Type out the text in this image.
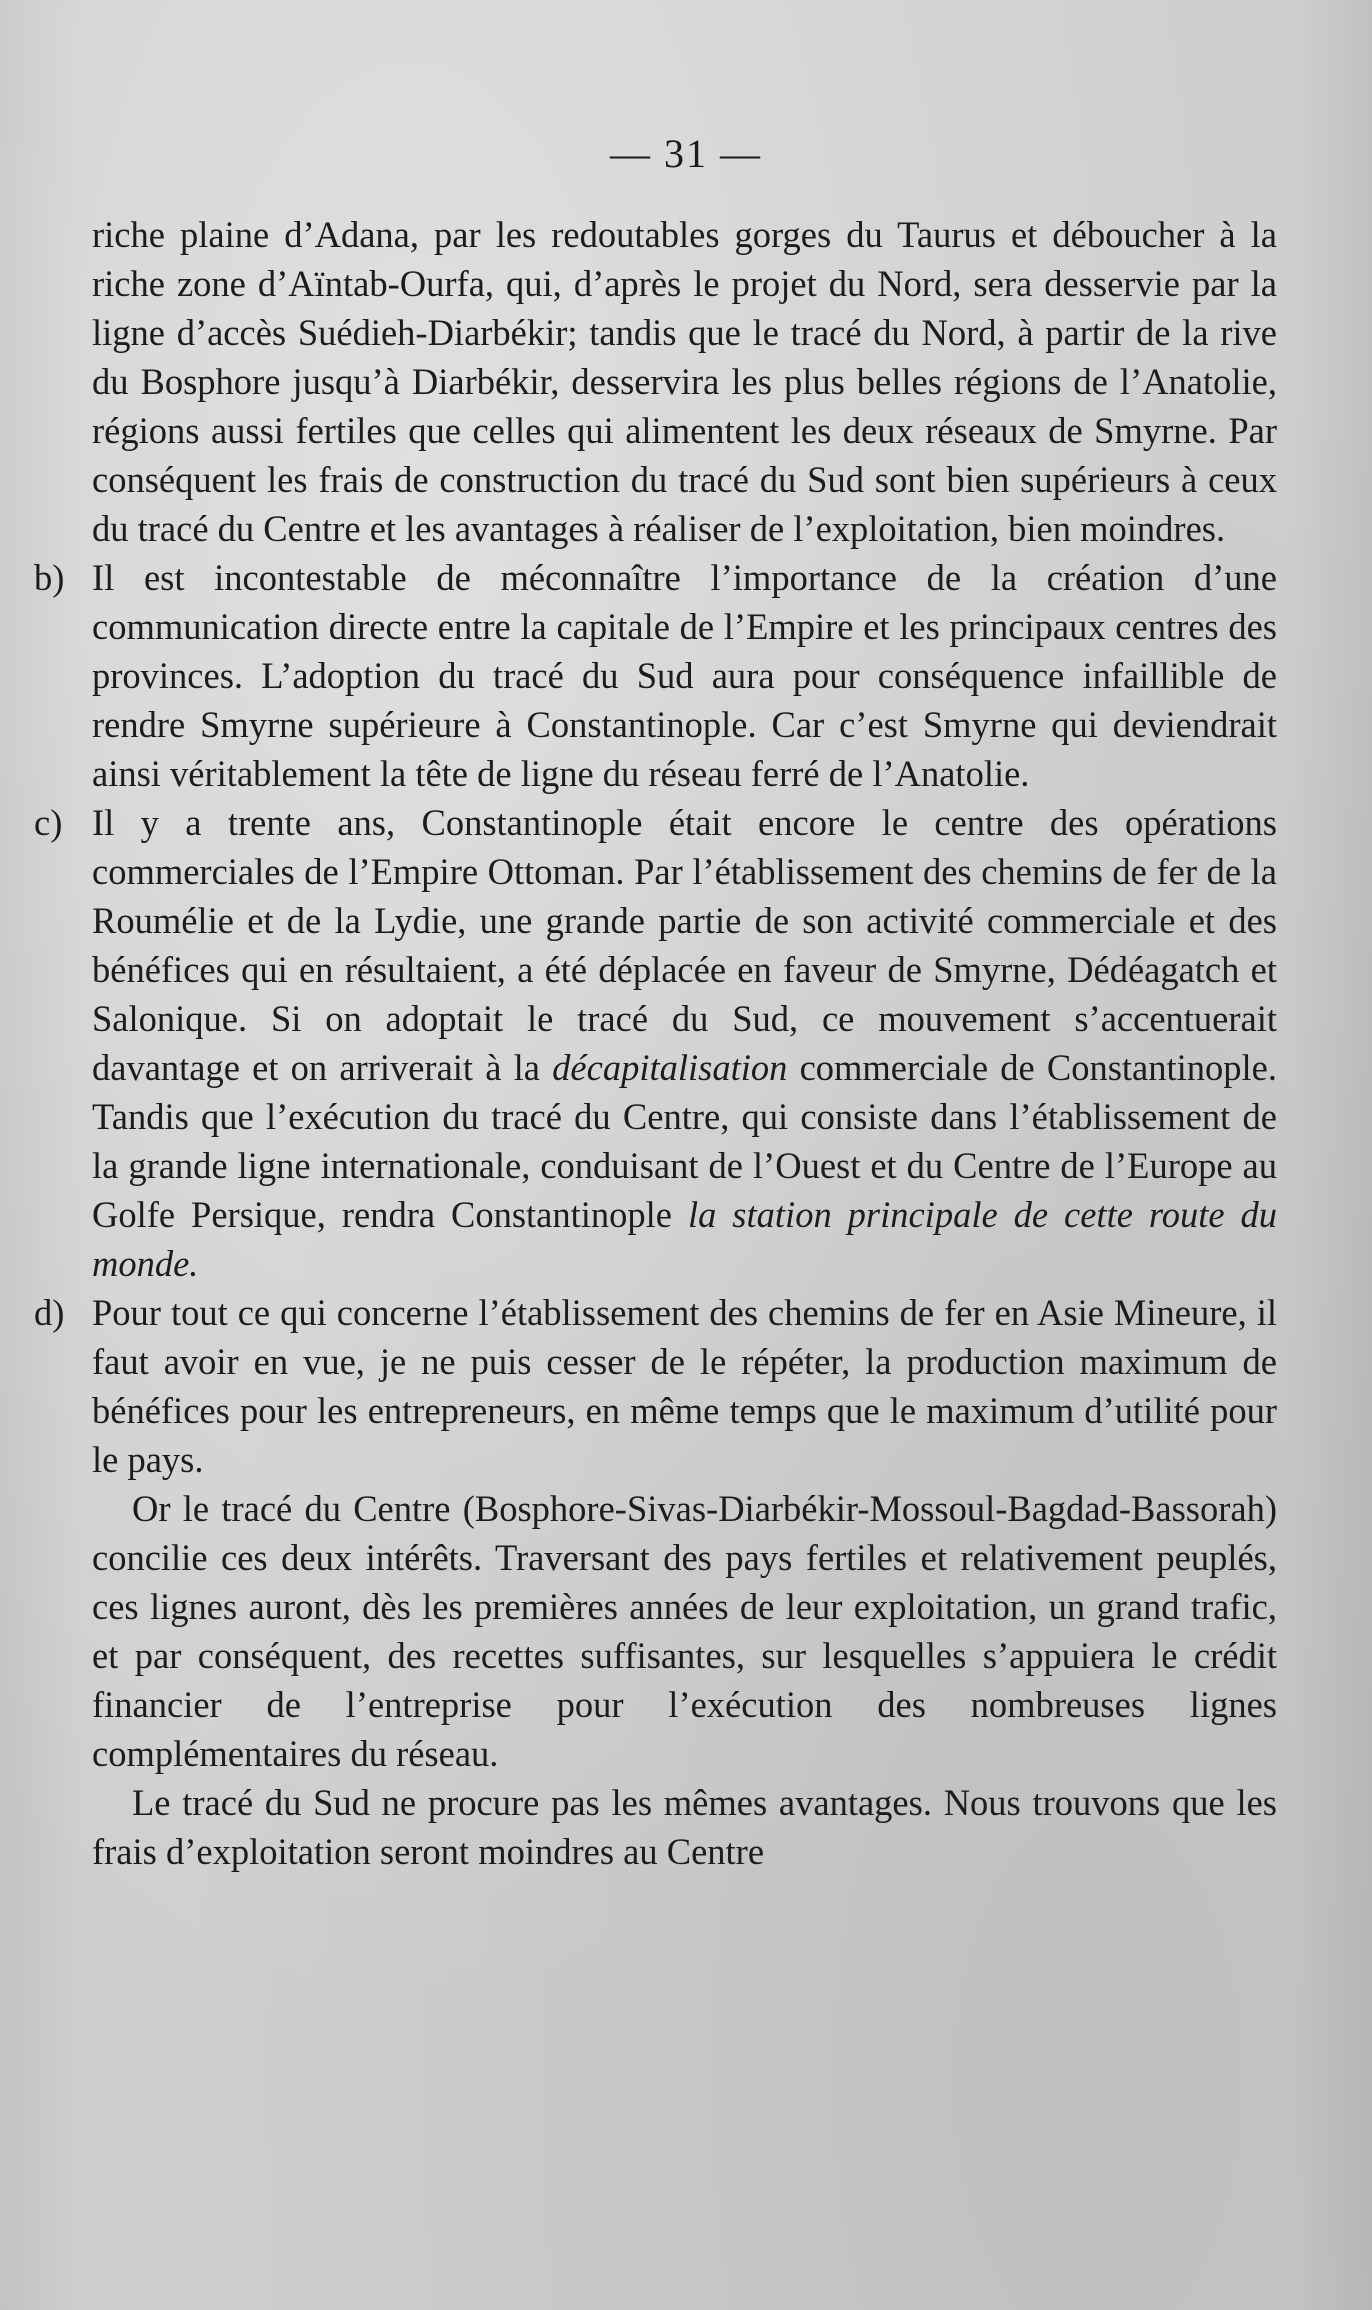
— 31 —

riche plaine d’Adana, par les redoutables gorges du Taurus et déboucher à la riche zone d’Aïntab-Ourfa, qui, d’après le projet du Nord, sera desservie par la ligne d’accès Suédieh-Diarbékir; tandis que le tracé du Nord, à partir de la rive du Bosphore jusqu’à Diarbékir, desservira les plus belles régions de l’Anatolie, régions aussi fertiles que celles qui alimentent les deux réseaux de Smyrne. Par conséquent les frais de construction du tracé du Sud sont bien supérieurs à ceux du tracé du Centre et les avantages à réaliser de l’exploitation, bien moindres.

b) Il est incontestable de méconnaître l’importance de la création d’une communication directe entre la capitale de l’Empire et les principaux centres des provinces. L’adoption du tracé du Sud aura pour conséquence infaillible de rendre Smyrne supérieure à Constantinople. Car c’est Smyrne qui deviendrait ainsi véritablement la tête de ligne du réseau ferré de l’Anatolie.
c) Il y a trente ans, Constantinople était encore le centre des opérations commerciales de l’Empire Ottoman. Par l’établissement des chemins de fer de la Roumélie et de la Lydie, une grande partie de son activité commerciale et des bénéfices qui en résultaient, a été déplacée en faveur de Smyrne, Dédéagatch et Salonique. Si on adoptait le tracé du Sud, ce mouvement s’accentuerait davantage et on arriverait à la décapitalisation commerciale de Constantinople. Tandis que l’exécution du tracé du Centre, qui consiste dans l’établissement de la grande ligne internationale, conduisant de l’Ouest et du Centre de l’Europe au Golfe Persique, rendra Constantinople la station principale de cette route du monde.
d) Pour tout ce qui concerne l’établissement des chemins de fer en Asie Mineure, il faut avoir en vue, je ne puis cesser de le répéter, la production maximum de bénéfices pour les entrepreneurs, en même temps que le maximum d’utilité pour le pays.

Or le tracé du Centre (Bosphore-Sivas-Diarbékir-Mossoul-Bagdad-Bassorah) concilie ces deux intérêts. Traversant des pays fertiles et relativement peuplés, ces lignes auront, dès les premières années de leur exploitation, un grand trafic, et par conséquent, des recettes suffisantes, sur lesquelles s’appuiera le crédit financier de l’entreprise pour l’exécution des nombreuses lignes complémentaires du réseau.

Le tracé du Sud ne procure pas les mêmes avantages. Nous trouvons que les frais d’exploitation seront moindres au Centre
